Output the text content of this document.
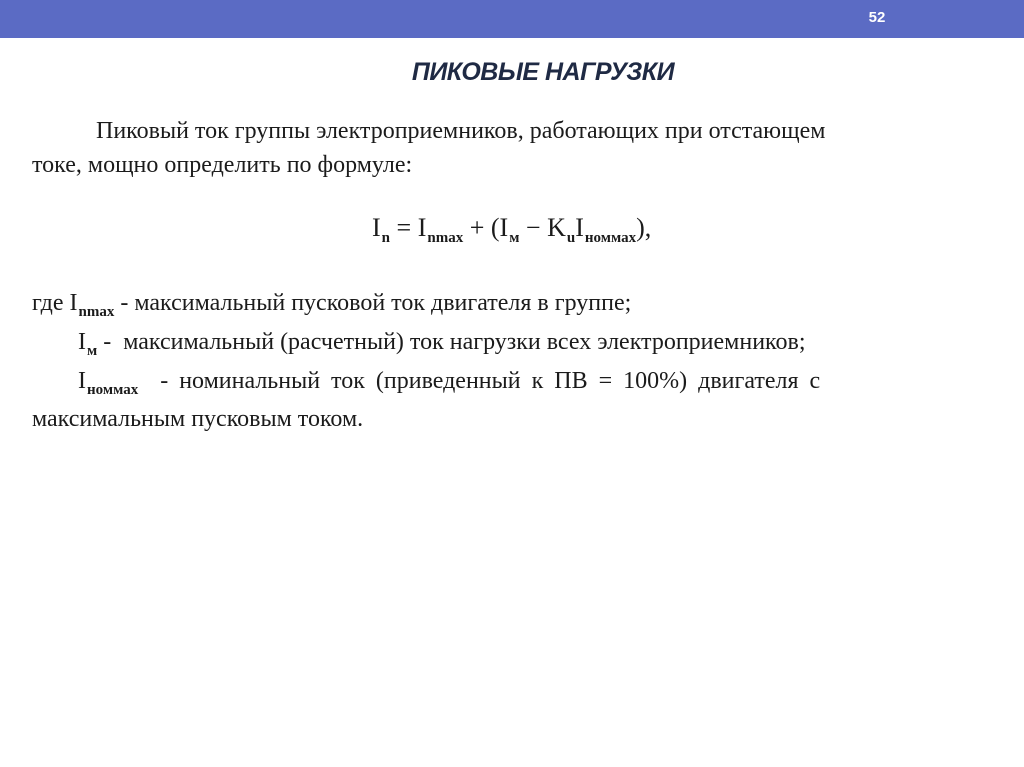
52
ПИКОВЫЕ НАГРУЗКИ
Пиковый ток группы электроприемников, работающих при отстающем
токе, мощно определить по формуле:
$I_n = I_{nmax} + (I_м - K_uI_{номмах})$,
где $I_{nmax}$ - максимальный пусковой ток двигателя в группе;
$I_м$ -  максимальный (расчетный) ток нагрузки всех электроприемников;
$I_{номмах}$  - номинальный ток (приведенный к ПВ = 100%) двигателя с
максимальным пусковым током.
